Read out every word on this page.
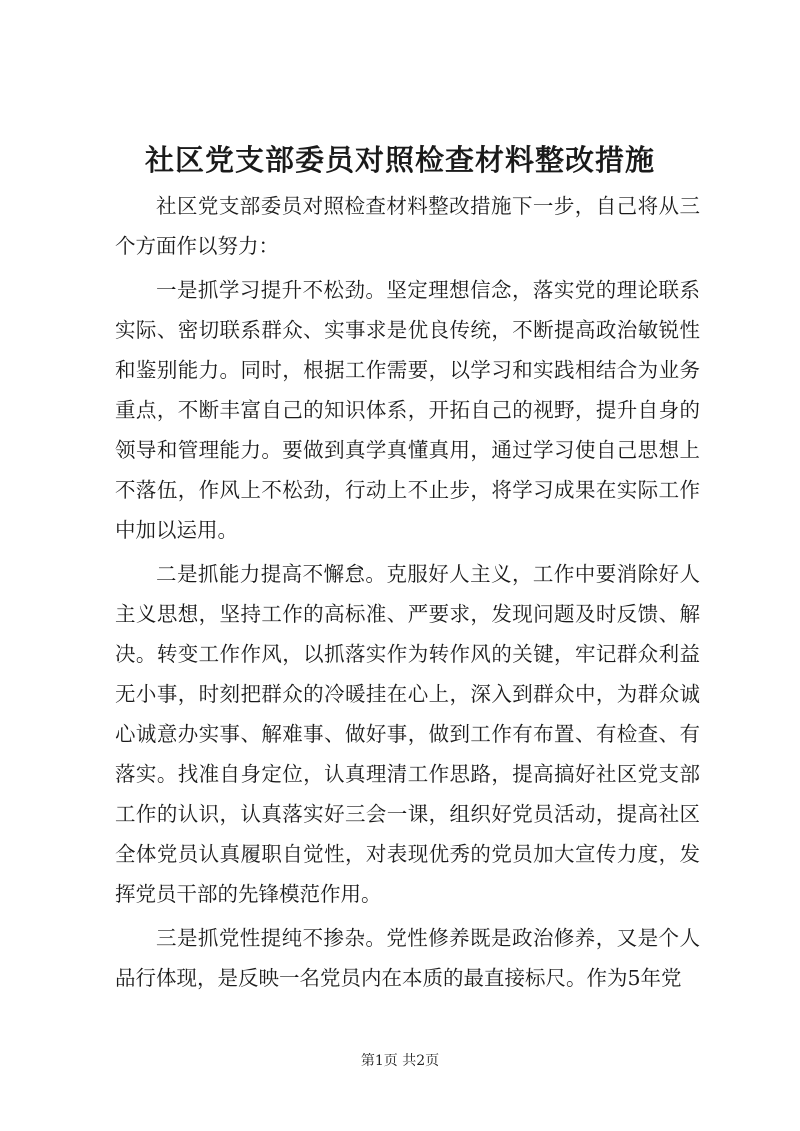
社区党支部委员对照检查材料整改措施

社区党支部委员对照检查材料整改措施下一步，自己将从三个方面作以努力：

一是抓学习提升不松劲。坚定理想信念，落实党的理论联系实际、密切联系群众、实事求是优良传统，不断提高政治敏锐性和鉴别能力。同时，根据工作需要，以学习和实践相结合为业务重点，不断丰富自己的知识体系，开拓自己的视野，提升自身的领导和管理能力。要做到真学真懂真用，通过学习使自己思想上不落伍，作风上不松劲，行动上不止步，将学习成果在实际工作中加以运用。

二是抓能力提高不懈怠。克服好人主义，工作中要消除好人主义思想，坚持工作的高标准、严要求，发现问题及时反馈、解决。转变工作作风，以抓落实作为转作风的关键，牢记群众利益无小事，时刻把群众的冷暖挂在心上，深入到群众中，为群众诚心诚意办实事、解难事、做好事，做到工作有布置、有检查、有落实。找准自身定位，认真理清工作思路，提高搞好社区党支部工作的认识，认真落实好三会一课，组织好党员活动，提高社区全体党员认真履职自觉性，对表现优秀的党员加大宣传力度，发挥党员干部的先锋模范作用。

三是抓党性提纯不掺杂。党性修养既是政治修养，又是个人品行体现，是反映一名党员内在本质的最直接标尺。作为5年党

第1页 共2页
